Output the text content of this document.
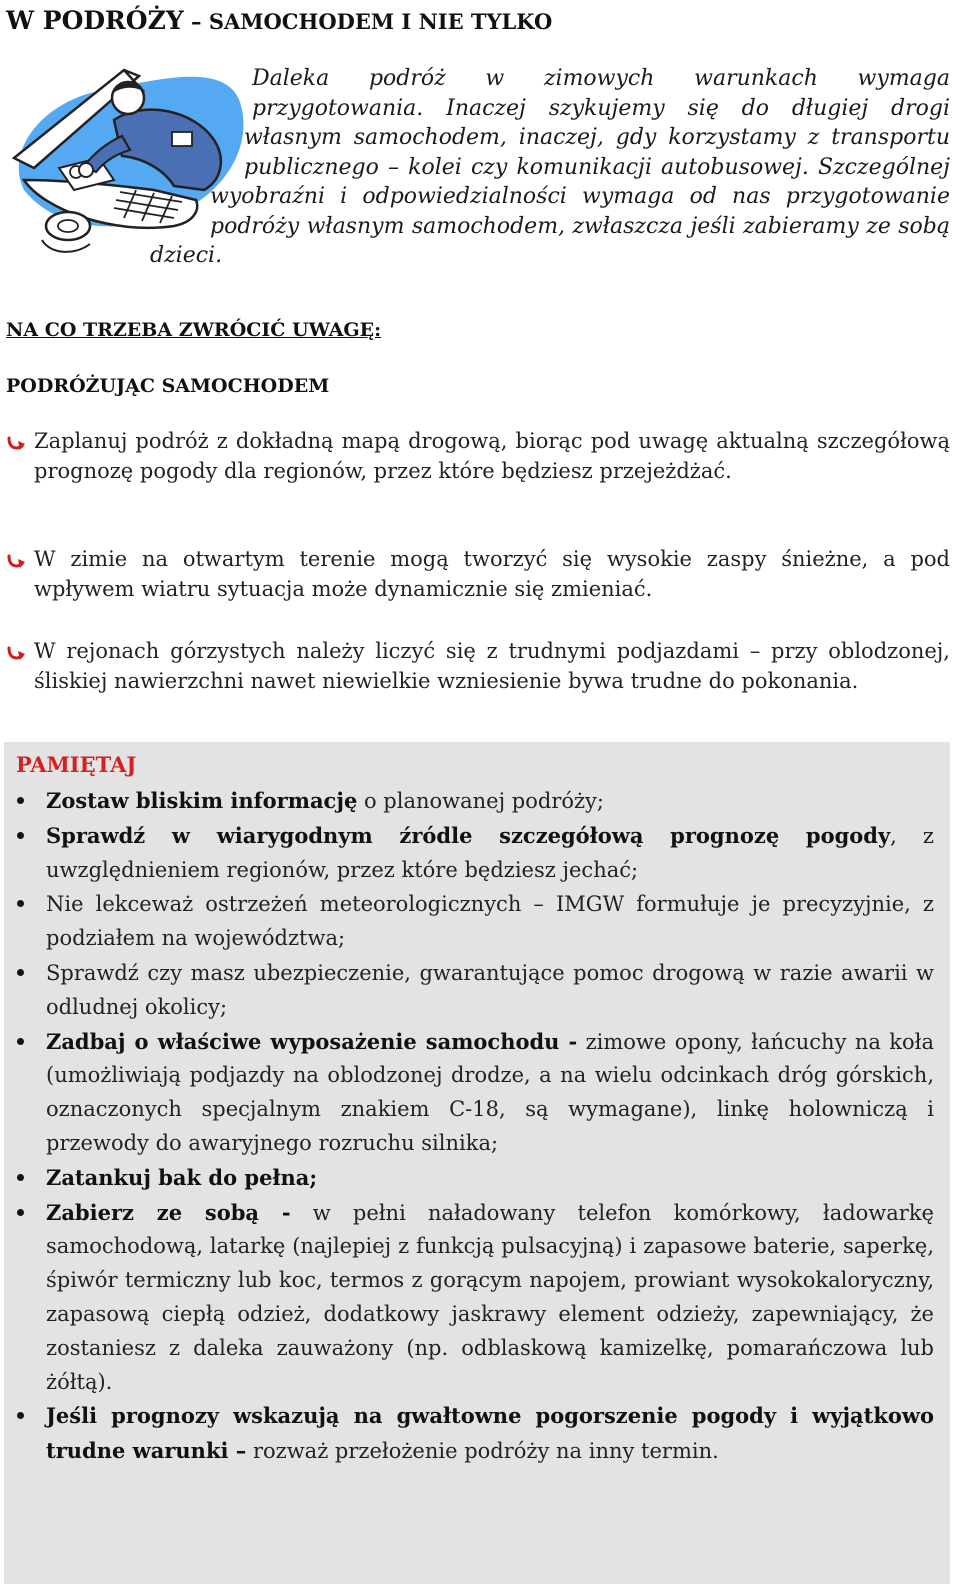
W PODRÓŻY – SAMOCHODEM I NIE TYLKO

Daleka podróż w zimowych warunkach wymaga przygotowania. Inaczej szykujemy się do długiej drogi własnym samochodem, inaczej, gdy korzystamy z transportu publicznego – kolei czy komunikacji autobusowej. Szczególnej wyobraźni i odpowiedzialności wymaga od nas przygotowanie podróży własnym samochodem, zwłaszcza jeśli zabieramy ze sobą dzieci.

NA CO TRZEBA ZWRÓCIĆ UWAGĘ:
PODRÓŻUJĄC SAMOCHODEM
Zaplanuj podróż z dokładną mapą drogową, biorąc pod uwagę aktualną szczegółową prognozę pogody dla regionów, przez które będziesz przejeżdżać.
W zimie na otwartym terenie mogą tworzyć się wysokie zaspy śnieżne, a pod wpływem wiatru sytuacja może dynamicznie się zmieniać.
W rejonach górzystych należy liczyć się z trudnymi podjazdami – przy oblodzonej, śliskiej nawierzchni nawet niewielkie wzniesienie bywa trudne do pokonania.
PAMIĘTAJ
Zostaw bliskim informację o planowanej podróży;
Sprawdź w wiarygodnym źródle szczegółową prognozę pogody, z uwzględnieniem regionów, przez które będziesz jechać;
Nie lekceważ ostrzeżeń meteorologicznych – IMGW formułuje je precyzyjnie, z podziałem na województwa;
Sprawdź czy masz ubezpieczenie, gwarantujące pomoc drogową w razie awarii w odludnej okolicy;
Zadbaj o właściwe wyposażenie samochodu - zimowe opony, łańcuchy na koła (umożliwiają podjazdy na oblodzonej drodze, a na wielu odcinkach dróg górskich, oznaczonych specjalnym znakiem C-18, są wymagane), linkę holowniczą i przewody do awaryjnego rozruchu silnika;
Zatankuj bak do pełna;
Zabierz ze sobą - w pełni naładowany telefon komórkowy, ładowarkę samochodową, latarkę (najlepiej z funkcją pulsacyjną) i zapasowe baterie, saperkę, śpiwór termiczny lub koc, termos z gorącym napojem, prowiant wysokokaloryczny, zapasową ciepłą odzież, dodatkowy jaskrawy element odzieży, zapewniający, że zostaniesz z daleka zauważony (np. odblaskową kamizelkę, pomarańczowa lub żółtą).
Jeśli prognozy wskazują na gwałtowne pogorszenie pogody i wyjątkowo trudne warunki – rozważ przełożenie podróży na inny termin.
